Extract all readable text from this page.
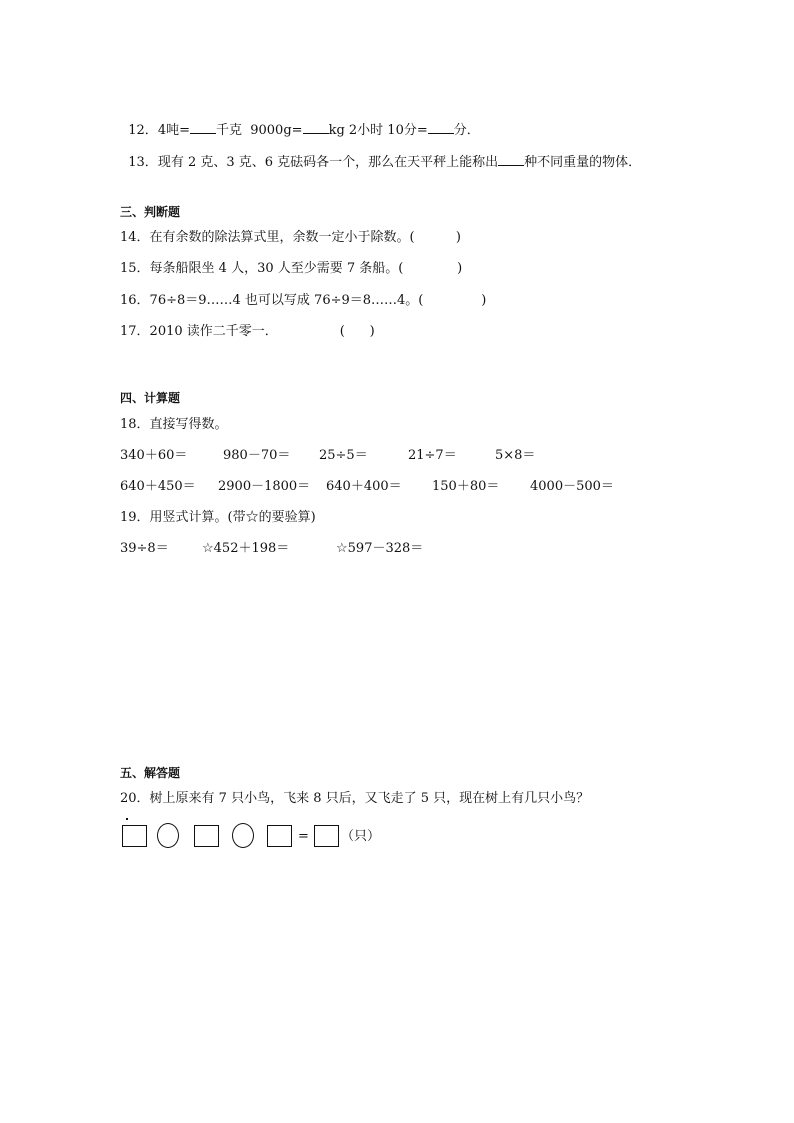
12．4吨= 千克  9000g= kg 2小时 10分= 分．

13．现有 2 克、3 克、6 克砝码各一个，那么在天平秤上能称出 种不同重量的物体．

三、判断题
14．在有余数的除法算式里，余数一定小于除数。(          )
15．每条船限坐 4 人，30 人至少需要 7 条船。(             )
16．76÷8＝9……4 也可以写成 76÷9＝8……4。(              )
17．2010 读作二千零一．               (      )
四、计算题
18．直接写得数。
340＋60＝	980－70＝ 25÷5＝	21÷7＝	5×8＝
640＋450＝ 2900－1800＝ 640＋400＝ 150＋80＝ 4000－500＝
19．用竖式计算。(带☆的要验算)
39÷8＝	☆452＋198＝	☆597－328＝
五、解答题
20．树上原来有 7 只小鸟，飞来 8 只后，又飞走了 5 只，现在树上有几只小鸟？
= （只）
